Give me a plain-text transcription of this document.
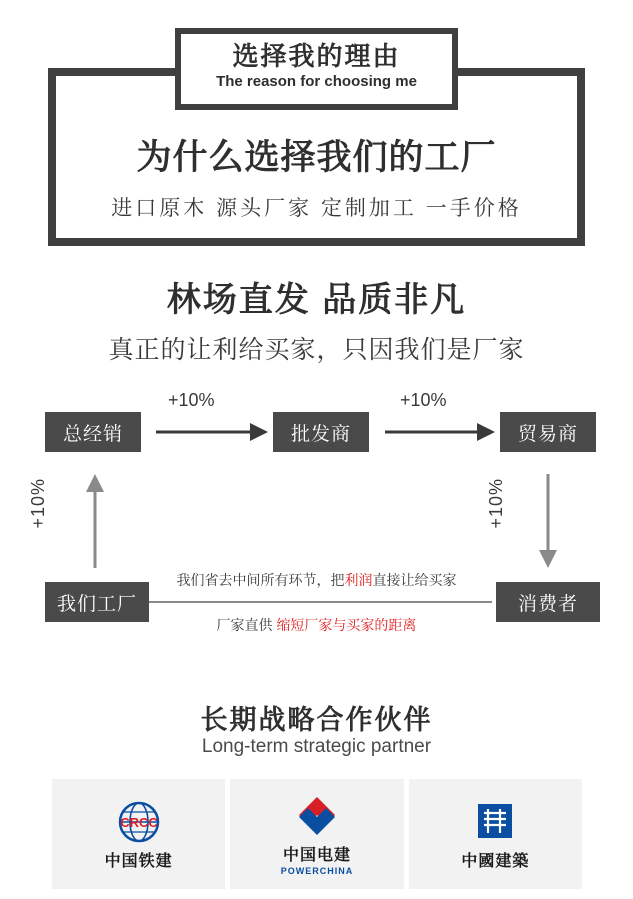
选择我的理由
The reason for choosing me
为什么选择我们的工厂
进口原木 源头厂家 定制加工 一手价格
林场直发 品质非凡
真正的让利给买家，只因我们是厂家
总经销	批发商	贸易商
我们工厂	消费者
+10%	+10%
+10%	+10%
我们省去中间所有环节，把利润直接让给买家
厂家直供 缩短厂家与买家的距离
长期战略合作伙伴
Long-term strategic partner
CRCC
中国铁建	中国电建
POWERCHINA
中國建築
